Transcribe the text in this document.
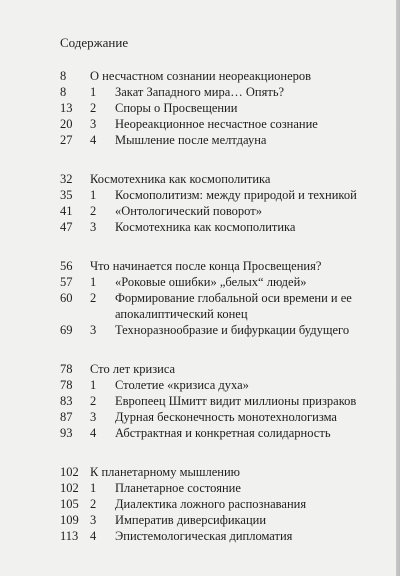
Содержание
8	О несчастном сознании неореакционеров
8	1	Закат Западного мира… Опять?
13	2	Споры о Просвещении
20	3	Неореакционное несчастное сознание
27	4	Мышление после мелтдауна
32	Космотехника как космополитика
35	1	Космополитизм: между природой и техникой
41	2	«Онтологический поворот»
47	3	Космотехника как космополитика
56	Что начинается после конца Просвещения?
57	1	«Роковые ошибки» „белых“ людей»
60	2	Формирование глобальной оси времени и ее апокалиптический конец
69	3	Технoразнообразие и бифуркации будущего
78	Сто лет кризиса
78	1	Столетие «кризиса духа»
83	2	Европеец Шмитт видит миллионы призраков
87	3	Дурная бесконечность монотехнологизма
93	4	Абстрактная и конкретная солидарность
102 К планетарному мышлению
102 1	Планетарное состояние
105 2	Диалектика ложного распознавания
109 3	Императив диверсификации
113 4	Эпистемологическая дипломатия
